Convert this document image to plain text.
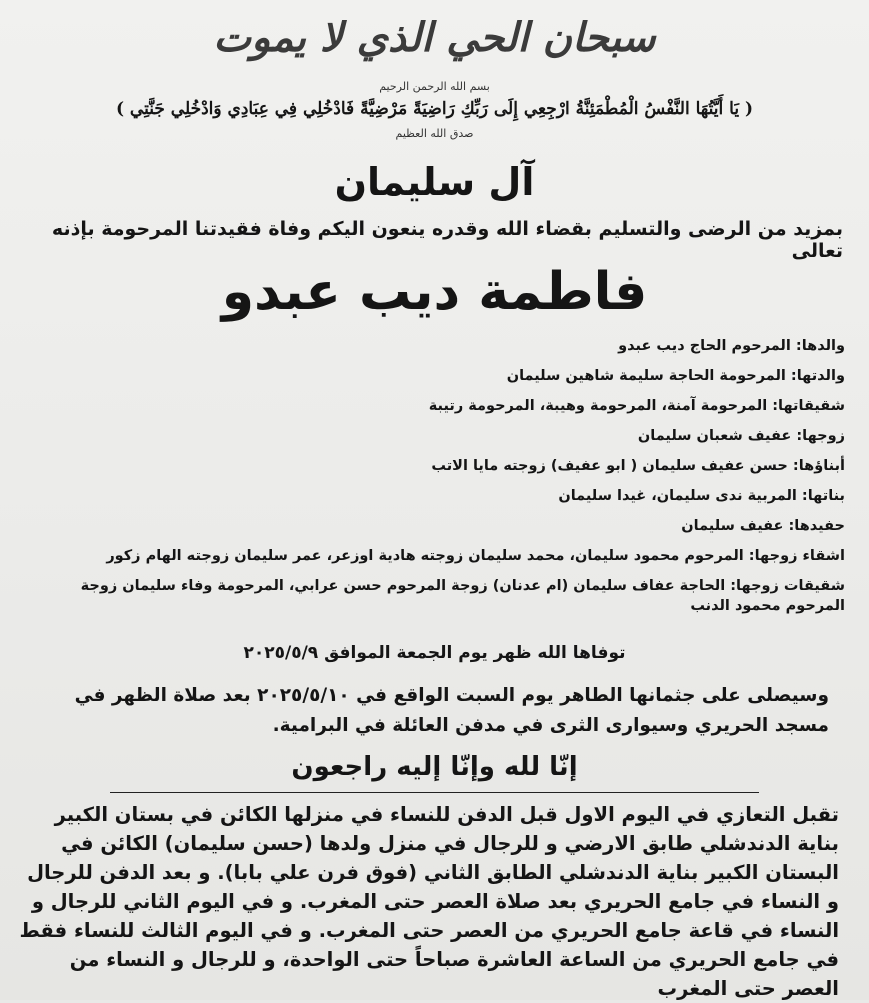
سبحان الحي الذي لا يموت
بسم الله الرحمن الرحيم
( يَا أَيَّتُهَا النَّفْسُ الْمُطْمَئِنَّةُ ارْجِعِي إِلَى رَبِّكِ رَاضِيَةً مَرْضِيَّةً فَادْخُلِي فِي عِبَادِي وَادْخُلِي جَنَّتِي )
صدق الله العظيم
آل سليمان
بمزيد من الرضى والتسليم بقضاء الله وقدره ينعون اليكم وفاة فقيدتنا المرحومة بإذنه تعالى
فاطمة ديب عبدو
والدها: المرحوم الحاج ديب عبدو
والدتها: المرحومة الحاجة سليمة شاهين سليمان
شقيقاتها: المرحومة آمنة، المرحومة وهيبة، المرحومة رتيبة
زوجها: عفيف شعبان سليمان
أبناؤها: حسن عفيف سليمان ( ابو عفيف) زوجته مايا الاتب
بناتها: المربية ندى سليمان، غيدا سليمان
حفيدها: عفيف سليمان
اشقاء زوجها: المرحوم محمود سليمان، محمد سليمان زوجته هادية اوزعر، عمر سليمان زوجته الهام زكور
شقيقات زوجها: الحاجة عفاف سليمان (ام عدنان) زوجة المرحوم حسن عرابي، المرحومة وفاء سليمان زوجة المرحوم محمود الدنب
توفاها الله ظهر يوم الجمعة الموافق ٢٠٢٥/٥/٩
وسيصلى على جثمانها الطاهر يوم السبت الواقع في ٢٠٢٥/٥/١٠ بعد صلاة الظهر في مسجد الحريري وسيوارى الثرى في مدفن العائلة في البرامية.
إنّا لله وإنّا إليه راجعون
تقبل التعازي في اليوم الاول قبل الدفن للنساء في منزلها الكائن في بستان الكبير بناية الدندشلي طابق الارضي و للرجال في منزل ولدها (حسن سليمان) الكائن في البستان الكبير بناية الدندشلي الطابق الثاني (فوق فرن علي بابا). و بعد الدفن للرجال و النساء في جامع الحريري بعد صلاة العصر حتى المغرب. و في اليوم الثاني للرجال و النساء في قاعة جامع الحريري من العصر حتى المغرب. و في اليوم الثالث للنساء فقط في جامع الحريري من الساعة العاشرة صباحاً حتى الواحدة، و للرجال و النساء من العصر حتى المغرب
